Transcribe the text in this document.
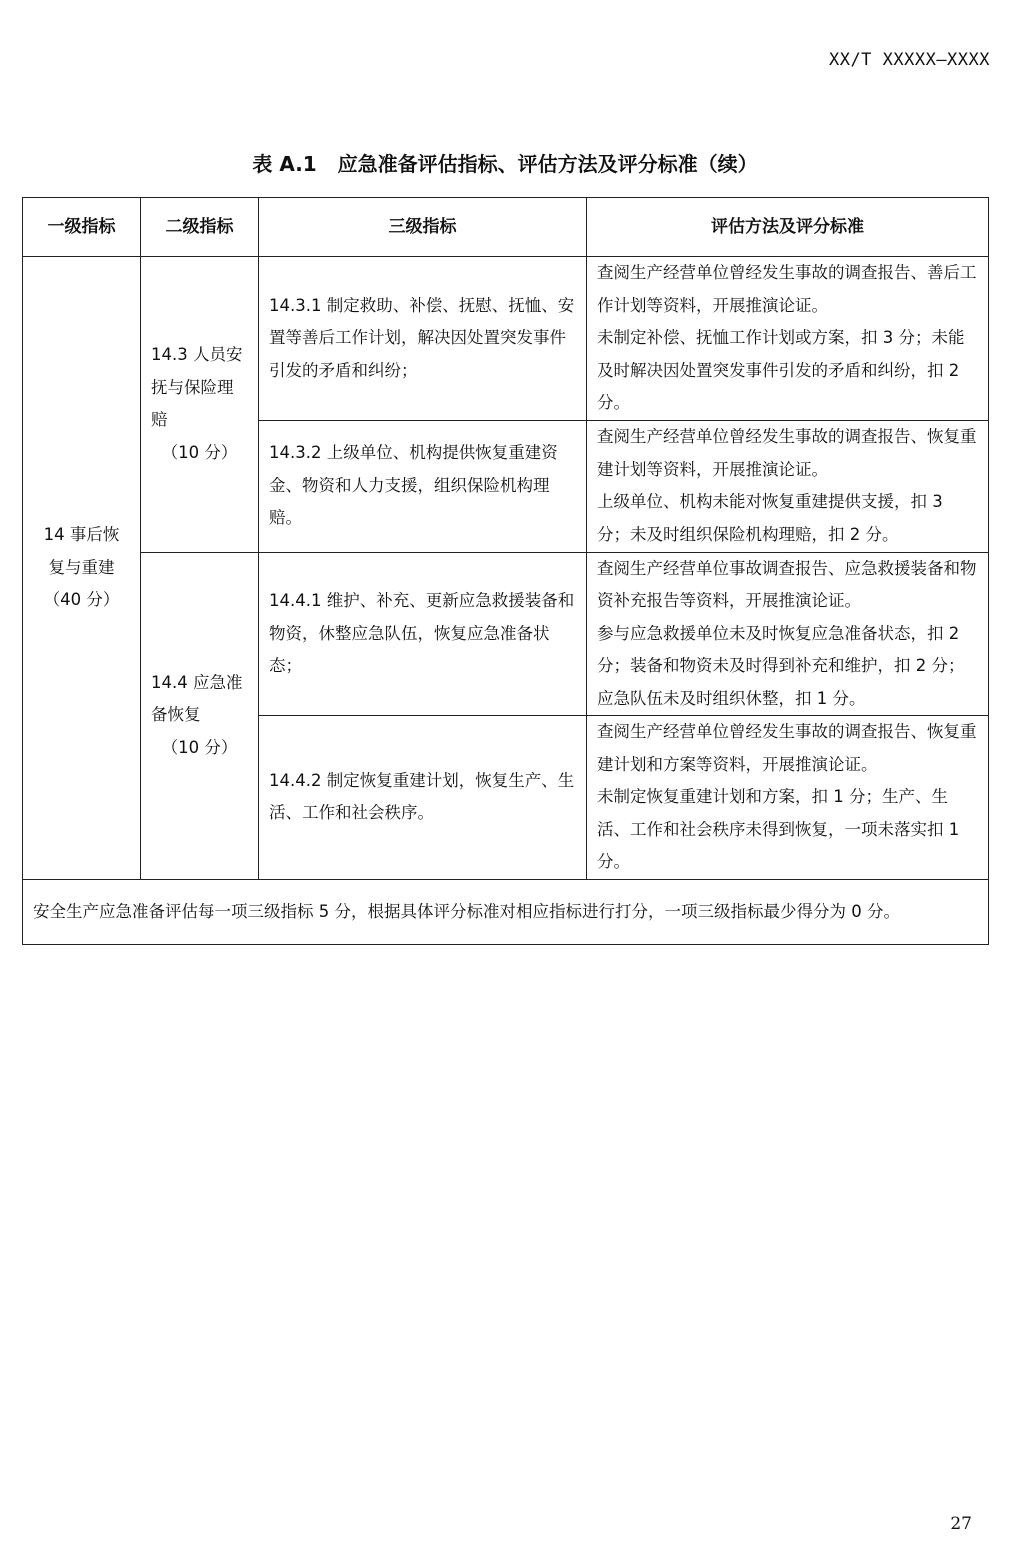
XX/T XXXXX—XXXX
表 A.1   应急准备评估指标、评估方法及评分标准（续）
一级指标	二级指标	三级指标	评估方法及评分标准

14 事后恢
复与重建
（40 分）	14.3 人员安
抚与保险理
赔
（10 分）	14.3.1 制定救助、补偿、抚慰、抚恤、安置等善后工作计划，解决因处置突发事件引发的矛盾和纠纷；	查阅生产经营单位曾经发生事故的调查报告、善后工作计划等资料，开展推演论证。
未制定补偿、抚恤工作计划或方案，扣 3 分；未能及时解决因处置突发事件引发的矛盾和纠纷，扣 2 分。

		14.3.2 上级单位、机构提供恢复重建资金、物资和人力支援，组织保险机构理赔。	查阅生产经营单位曾经发生事故的调查报告、恢复重建计划等资料，开展推演论证。
上级单位、机构未能对恢复重建提供支援，扣 3 分；未及时组织保险机构理赔，扣 2 分。

	14.4 应急准
备恢复
（10 分）	14.4.1 维护、补充、更新应急救援装备和物资，休整应急队伍，恢复应急准备状态；	查阅生产经营单位事故调查报告、应急救援装备和物资补充报告等资料，开展推演论证。
参与应急救援单位未及时恢复应急准备状态，扣 2 分；装备和物资未及时得到补充和维护，扣 2 分；应急队伍未及时组织休整，扣 1 分。

		14.4.2 制定恢复重建计划，恢复生产、生活、工作和社会秩序。	查阅生产经营单位曾经发生事故的调查报告、恢复重建计划和方案等资料，开展推演论证。
未制定恢复重建计划和方案，扣 1 分；生产、生活、工作和社会秩序未得到恢复，一项未落实扣 1 分。

安全生产应急准备评估每一项三级指标 5 分，根据具体评分标准对相应指标进行打分，一项三级指标最少得分为 0 分。			
27
